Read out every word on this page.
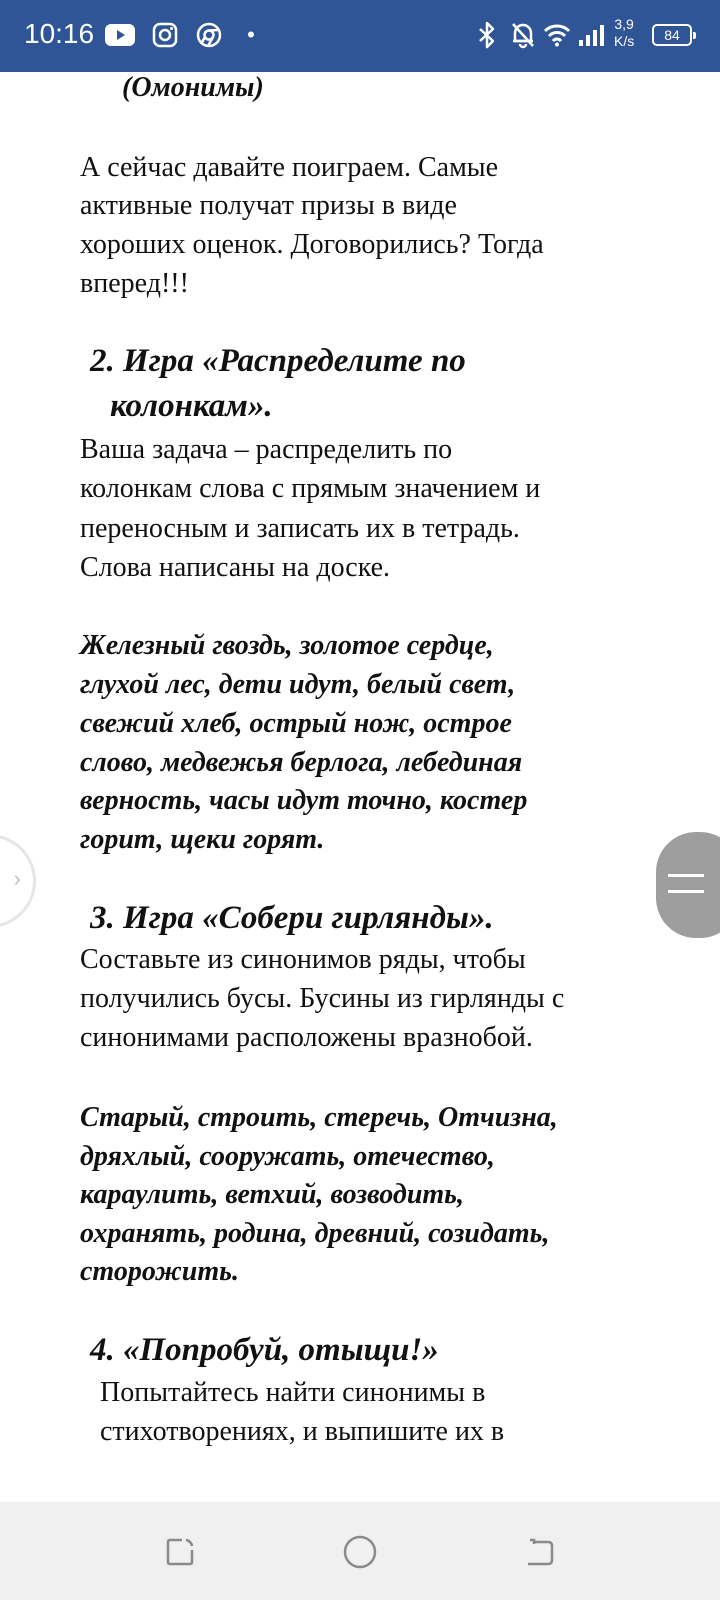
10:16	•	3,9
K/s 84
(Омонимы)
А сейчас давайте поиграем. Самые
активные получат призы в виде
хороших оценок. Договорились? Тогда
вперед!!!
2. Игра «Распределите по
колонкам».
Ваша задача – распределить по
колонкам слова с прямым значением и
переносным и записать их в тетрадь.
Слова написаны на доске.
Железный гвоздь, золотое сердце,
глухой лес, дети идут, белый свет,
свежий хлеб, острый нож, острое
слово, медвежья берлога, лебединая
верность, часы идут точно, костер
горит, щеки горят.
3. Игра «Собери гирлянды».
Составьте из синонимов ряды, чтобы
получились бусы. Бусины из гирлянды с
синонимами расположены вразнобой.
Старый, строить, стеречь, Отчизна,
дряхлый, сооружать, отечество,
караулить, ветхий, возводить,
охранять, родина, древний, созидать,
сторожить.
4. «Попробуй, отыщи!»
Попытайтесь найти синонимы в
стихотворениях, и выпишите их в
›
